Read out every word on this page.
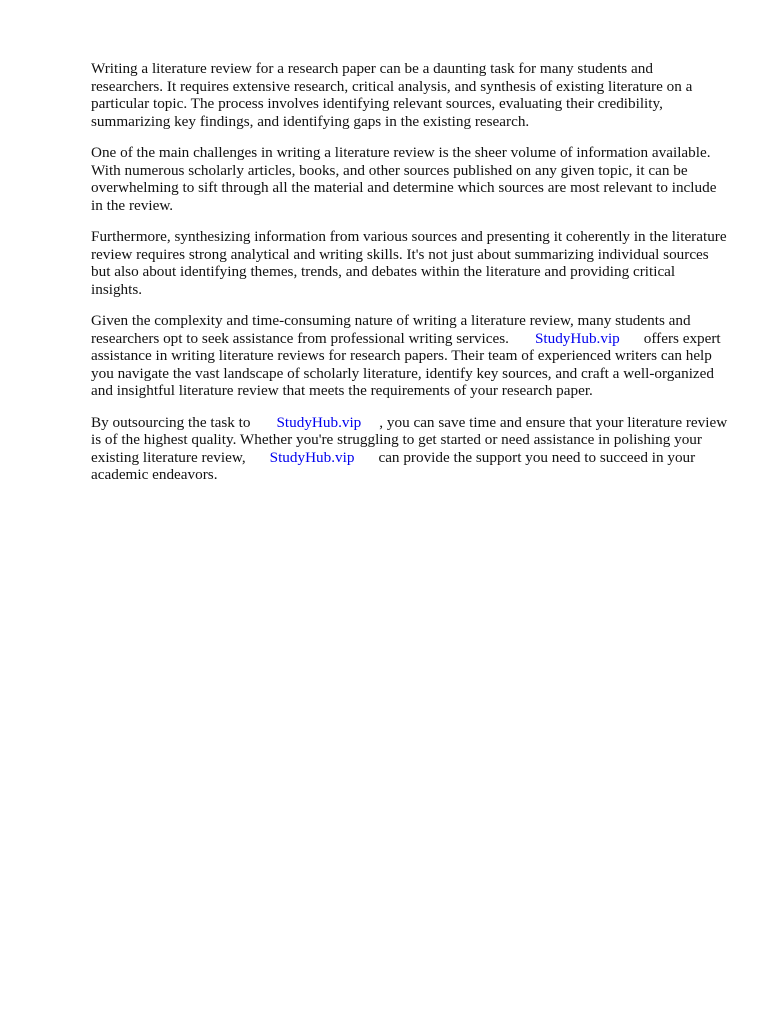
Writing a literature review for a research paper can be a daunting task for many students and researchers. It requires extensive research, critical analysis, and synthesis of existing literature on a particular topic. The process involves identifying relevant sources, evaluating their credibility, summarizing key findings, and identifying gaps in the existing research.

One of the main challenges in writing a literature review is the sheer volume of information available. With numerous scholarly articles, books, and other sources published on any given topic, it can be overwhelming to sift through all the material and determine which sources are most relevant to include in the review.

Furthermore, synthesizing information from various sources and presenting it coherently in the literature review requires strong analytical and writing skills. It's not just about summarizing individual sources but also about identifying themes, trends, and debates within the literature and providing critical insights.

Given the complexity and time-consuming nature of writing a literature review, many students and researchers opt to seek assistance from professional writing services. StudyHub.vip offers expert assistance in writing literature reviews for research papers. Their team of experienced writers can help you navigate the vast landscape of scholarly literature, identify key sources, and craft a well-organized and insightful literature review that meets the requirements of your research paper.

By outsourcing the task to StudyHub.vip , you can save time and ensure that your literature review is of the highest quality. Whether you're struggling to get started or need assistance in polishing your existing literature review, StudyHub.vip can provide the support you need to succeed in your academic endeavors.
